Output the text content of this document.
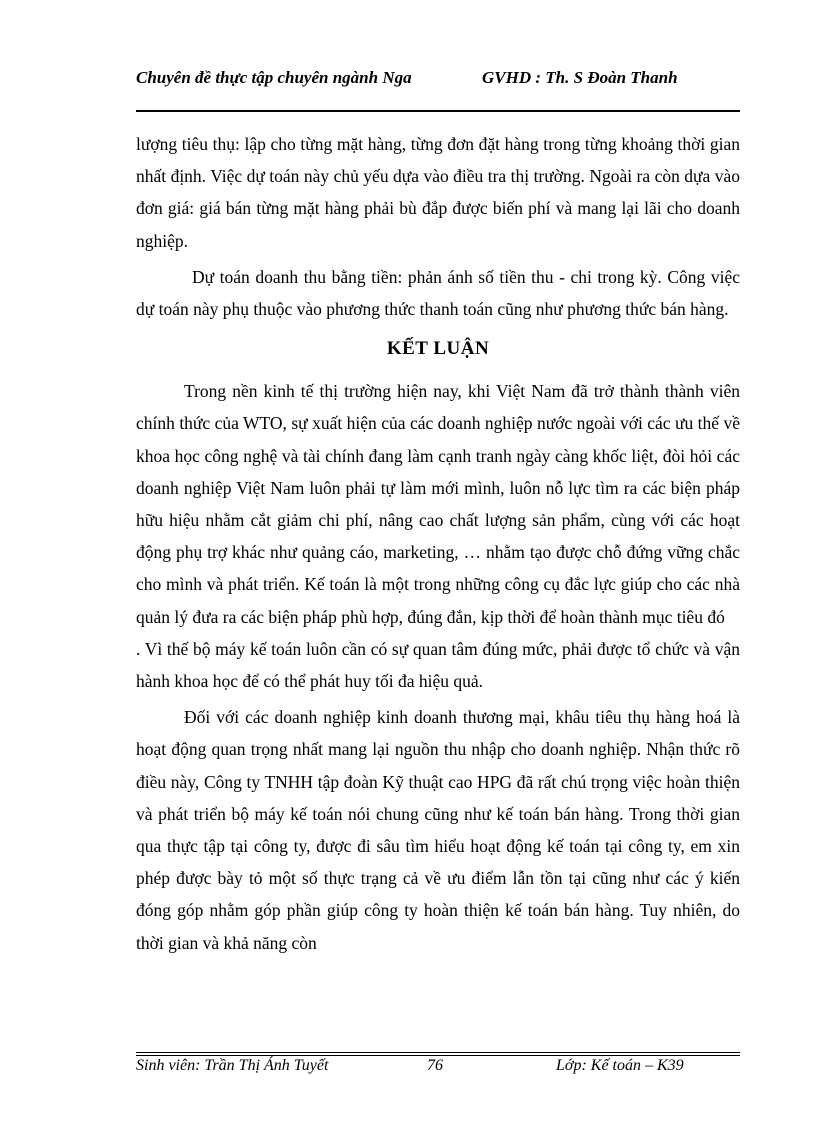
Chuyên đề thực tập chuyên ngành Nga	GVHD : Th. S Đoàn Thanh

lượng tiêu thụ: lập cho từng mặt hàng, từng đơn đặt hàng trong từng khoảng thời gian nhất định. Việc dự toán này chủ yếu dựa vào điều tra thị trường. Ngoài ra còn dựa vào đơn giá: giá bán từng mặt hàng phải bù đắp được biến phí và mang lại lãi cho doanh nghiệp.

Dự toán doanh thu bằng tiền: phản ánh số tiền thu - chi trong kỳ. Công việc dự toán này phụ thuộc vào phương thức thanh toán cũng như phương thức bán hàng.

KẾT LUẬN

Trong nền kinh tế thị trường hiện nay, khi Việt Nam đã trở thành thành viên chính thức của WTO, sự xuất hiện của các doanh nghiệp nước ngoài với các ưu thế về khoa học công nghệ và tài chính đang làm cạnh tranh ngày càng khốc liệt, đòi hỏi các doanh nghiệp Việt Nam luôn phải tự làm mới mình, luôn nỗ lực tìm ra các biện pháp hữu hiệu nhằm cắt giảm chi phí, nâng cao chất lượng sản phẩm, cùng với các hoạt động phụ trợ khác như quảng cáo, marketing, … nhằm tạo được chỗ đứng vững chắc cho mình và phát triển. Kế toán là một trong những công cụ đắc lực giúp cho các nhà quản lý đưa ra các biện pháp phù hợp, đúng đắn, kịp thời để hoàn thành mục tiêu đó

. Vì thế bộ máy kế toán luôn cần có sự quan tâm đúng mức, phải được tổ chức và vận hành khoa học để có thể phát huy tối đa hiệu quả.

Đối với các doanh nghiệp kinh doanh thương mại, khâu tiêu thụ hàng hoá là hoạt động quan trọng nhất mang lại nguồn thu nhập cho doanh nghiệp. Nhận thức rõ điều này, Công ty TNHH tập đoàn Kỹ thuật cao HPG đã rất chú trọng việc hoàn thiện và phát triển bộ máy kế toán nói chung cũng như kế toán bán hàng. Trong thời gian qua thực tập tại công ty, được đi sâu tìm hiểu hoạt động kế toán tại công ty, em xin phép được bày tỏ một số thực trạng cả về ưu điểm lẫn tồn tại cũng như các ý kiến đóng góp nhằm góp phần giúp công ty hoàn thiện kế toán bán hàng. Tuy nhiên, do thời gian và khả năng còn

Sinh viên: Trần Thị Ánh Tuyết	76	Lớp: Kế toán – K39
